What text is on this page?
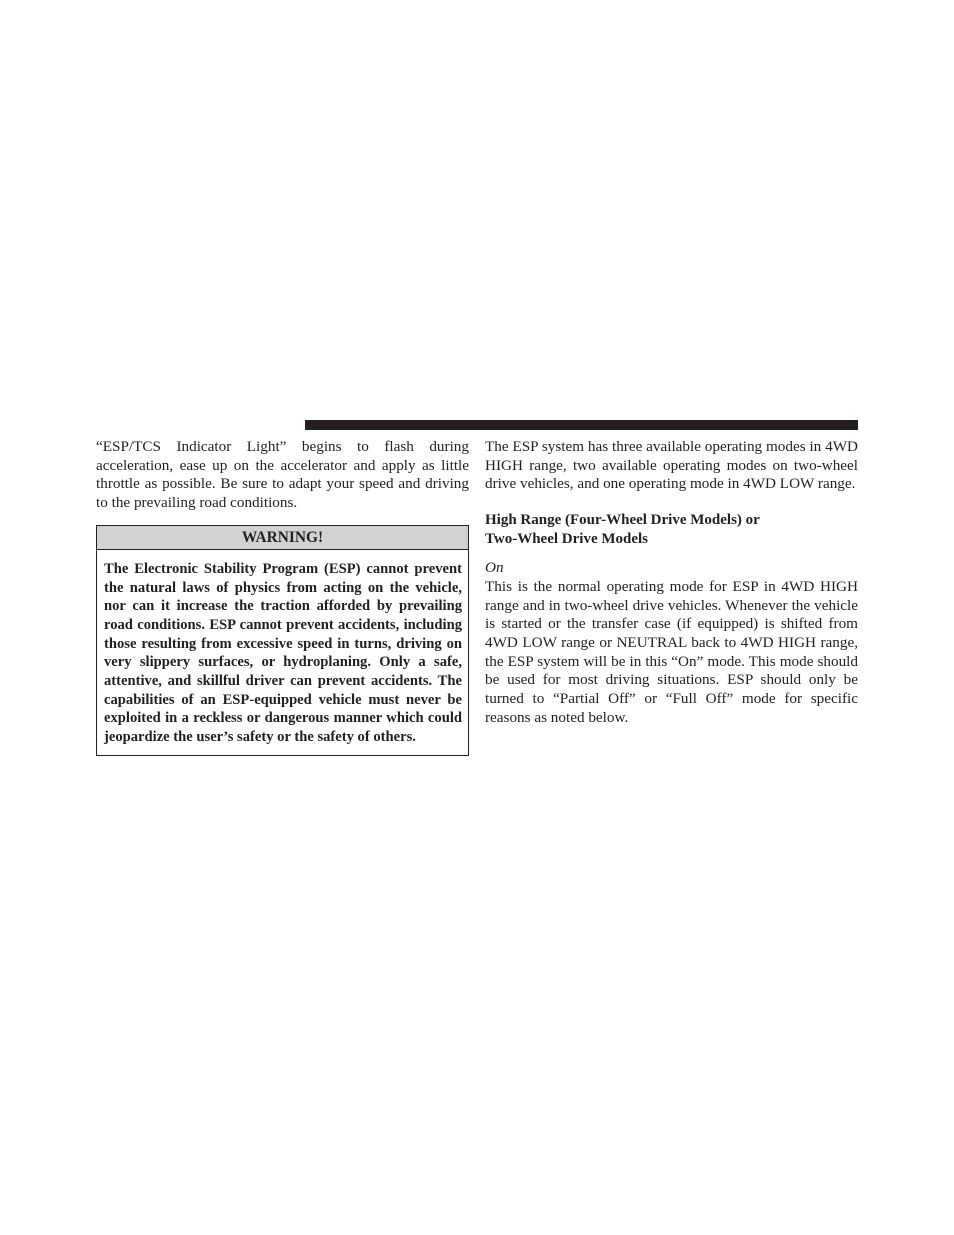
“ESP/TCS Indicator Light” begins to flash during acceleration, ease up on the accelerator and apply as little throttle as possible. Be sure to adapt your speed and driving to the prevailing road conditions.

WARNING!
The Electronic Stability Program (ESP) cannot prevent the natural laws of physics from acting on the vehicle, nor can it increase the traction afforded by prevailing road conditions. ESP cannot prevent accidents, including those resulting from excessive speed in turns, driving on very slippery surfaces, or hydroplaning. Only a safe, attentive, and skillful driver can prevent accidents. The capabilities of an ESP-equipped vehicle must never be exploited in a reckless or dangerous manner which could jeopardize the user’s safety or the safety of others.

The ESP system has three available operating modes in 4WD HIGH range, two available operating modes on two-wheel drive vehicles, and one operating mode in 4WD LOW range.

High Range (Four-Wheel Drive Models) or
Two-Wheel Drive Models

On

This is the normal operating mode for ESP in 4WD HIGH range and in two-wheel drive vehicles. Whenever the vehicle is started or the transfer case (if equipped) is shifted from 4WD LOW range or NEUTRAL back to 4WD HIGH range, the ESP system will be in this “On” mode. This mode should be used for most driving situations. ESP should only be turned to “Partial Off” or “Full Off” mode for specific reasons as noted below.
